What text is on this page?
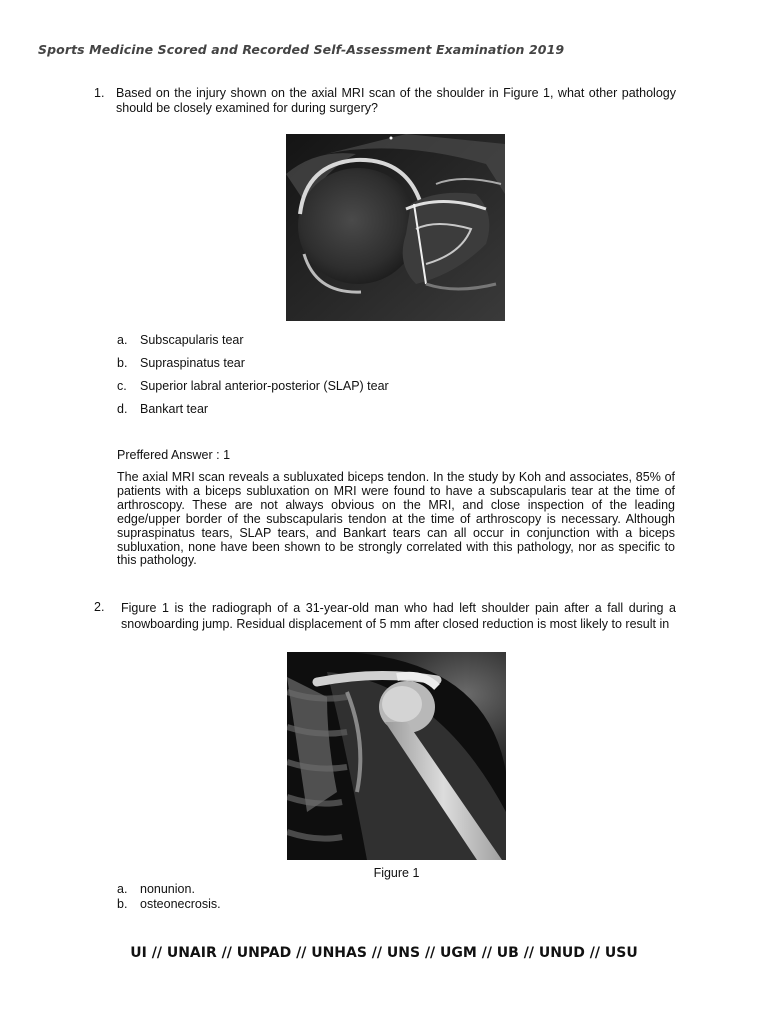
Sports Medicine Scored and Recorded Self-Assessment Examination 2019
1. Based on the injury shown on the axial MRI scan of the shoulder in Figure 1, what other pathology should be closely examined for during surgery?
a. Subscapularis tear
b. Supraspinatus tear
c. Superior labral anterior-posterior (SLAP) tear
d. Bankart tear
Preffered Answer : 1
The axial MRI scan reveals a subluxated biceps tendon. In the study by Koh and associates, 85% of patients with a biceps subluxation on MRI were found to have a subscapularis tear at the time of arthroscopy. These are not always obvious on the MRI, and close inspection of the leading edge/upper border of the subscapularis tendon at the time of arthroscopy is necessary. Although supraspinatus tears, SLAP tears, and Bankart tears can all occur in conjunction with a biceps subluxation, none have been shown to be strongly correlated with this pathology, nor as specific to this pathology.
2. Figure 1 is the radiograph of a 31-year-old man who had left shoulder pain after a fall during a snowboarding jump. Residual displacement of 5 mm after closed reduction is most likely to result in
Figure 1
a. nonunion.
b. osteonecrosis.
UI // UNAIR // UNPAD // UNHAS // UNS // UGM // UB // UNUD // USU
